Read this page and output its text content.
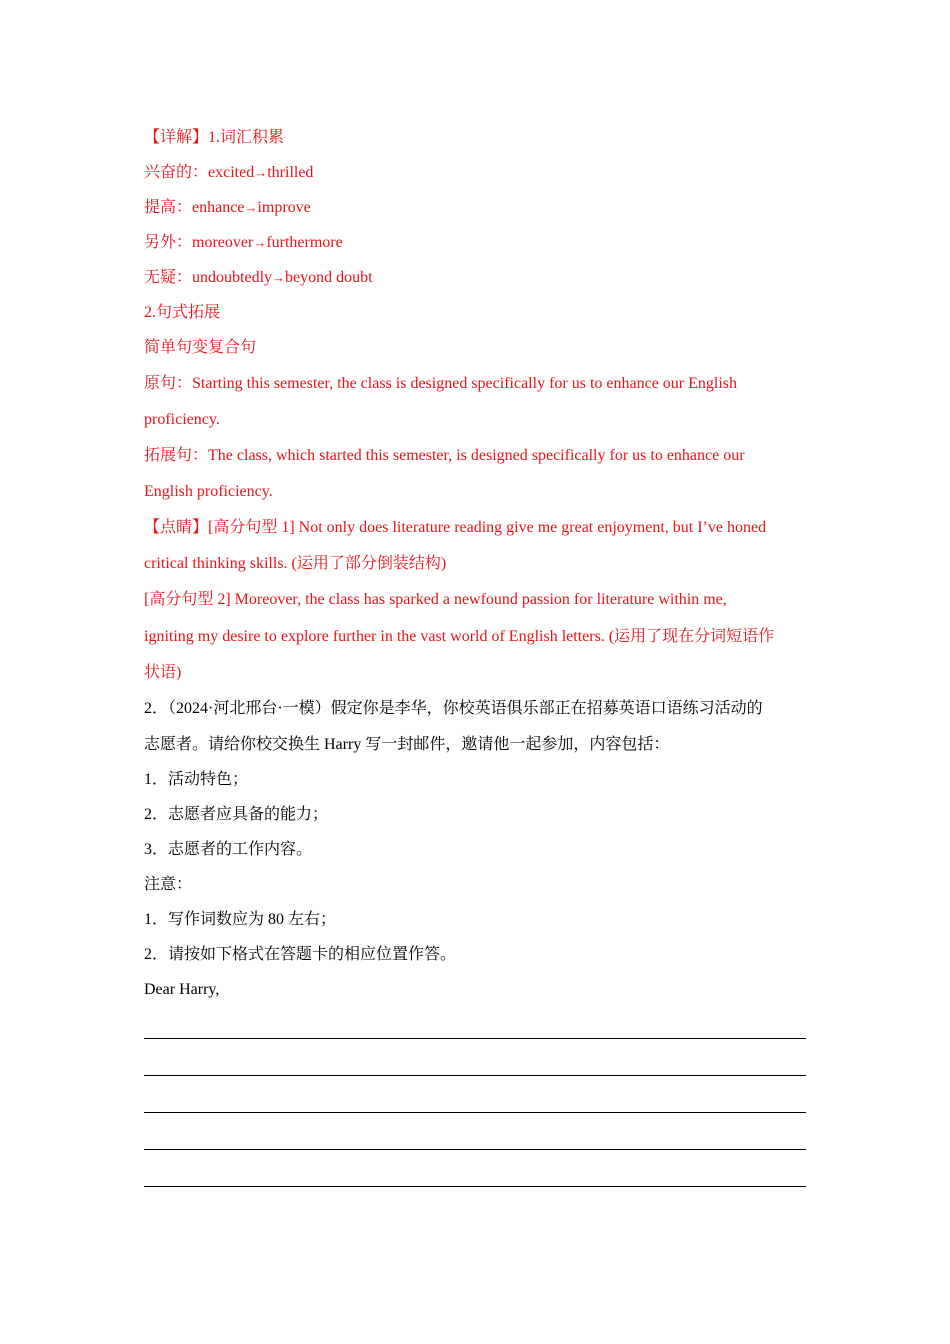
【详解】1.词汇积累
兴奋的：excited→thrilled
提高：enhance→improve
另外：moreover→furthermore
无疑：undoubtedly→beyond doubt
2.句式拓展
简单句变复合句
原句：Starting this semester, the class is designed specifically for us to enhance our English
proficiency.
拓展句：The class, which started this semester, is designed specifically for us to enhance our
English proficiency.
【点睛】[高分句型 1] Not only does literature reading give me great enjoyment, but I’ve honed
critical thinking skills. (运用了部分倒装结构)
[高分句型 2] Moreover, the class has sparked a newfound passion for literature within me,
igniting my desire to explore further in the vast world of English letters. (运用了现在分词短语作
状语)
2．（2024·河北邢台·一模）假定你是李华，你校英语俱乐部正在招募英语口语练习活动的
志愿者。请给你校交换生 Harry 写一封邮件，邀请他一起参加，内容包括：
1．活动特色；
2．志愿者应具备的能力；
3．志愿者的工作内容。
注意：
1．写作词数应为 80 左右；
2．请按如下格式在答题卡的相应位置作答。
Dear Harry,
